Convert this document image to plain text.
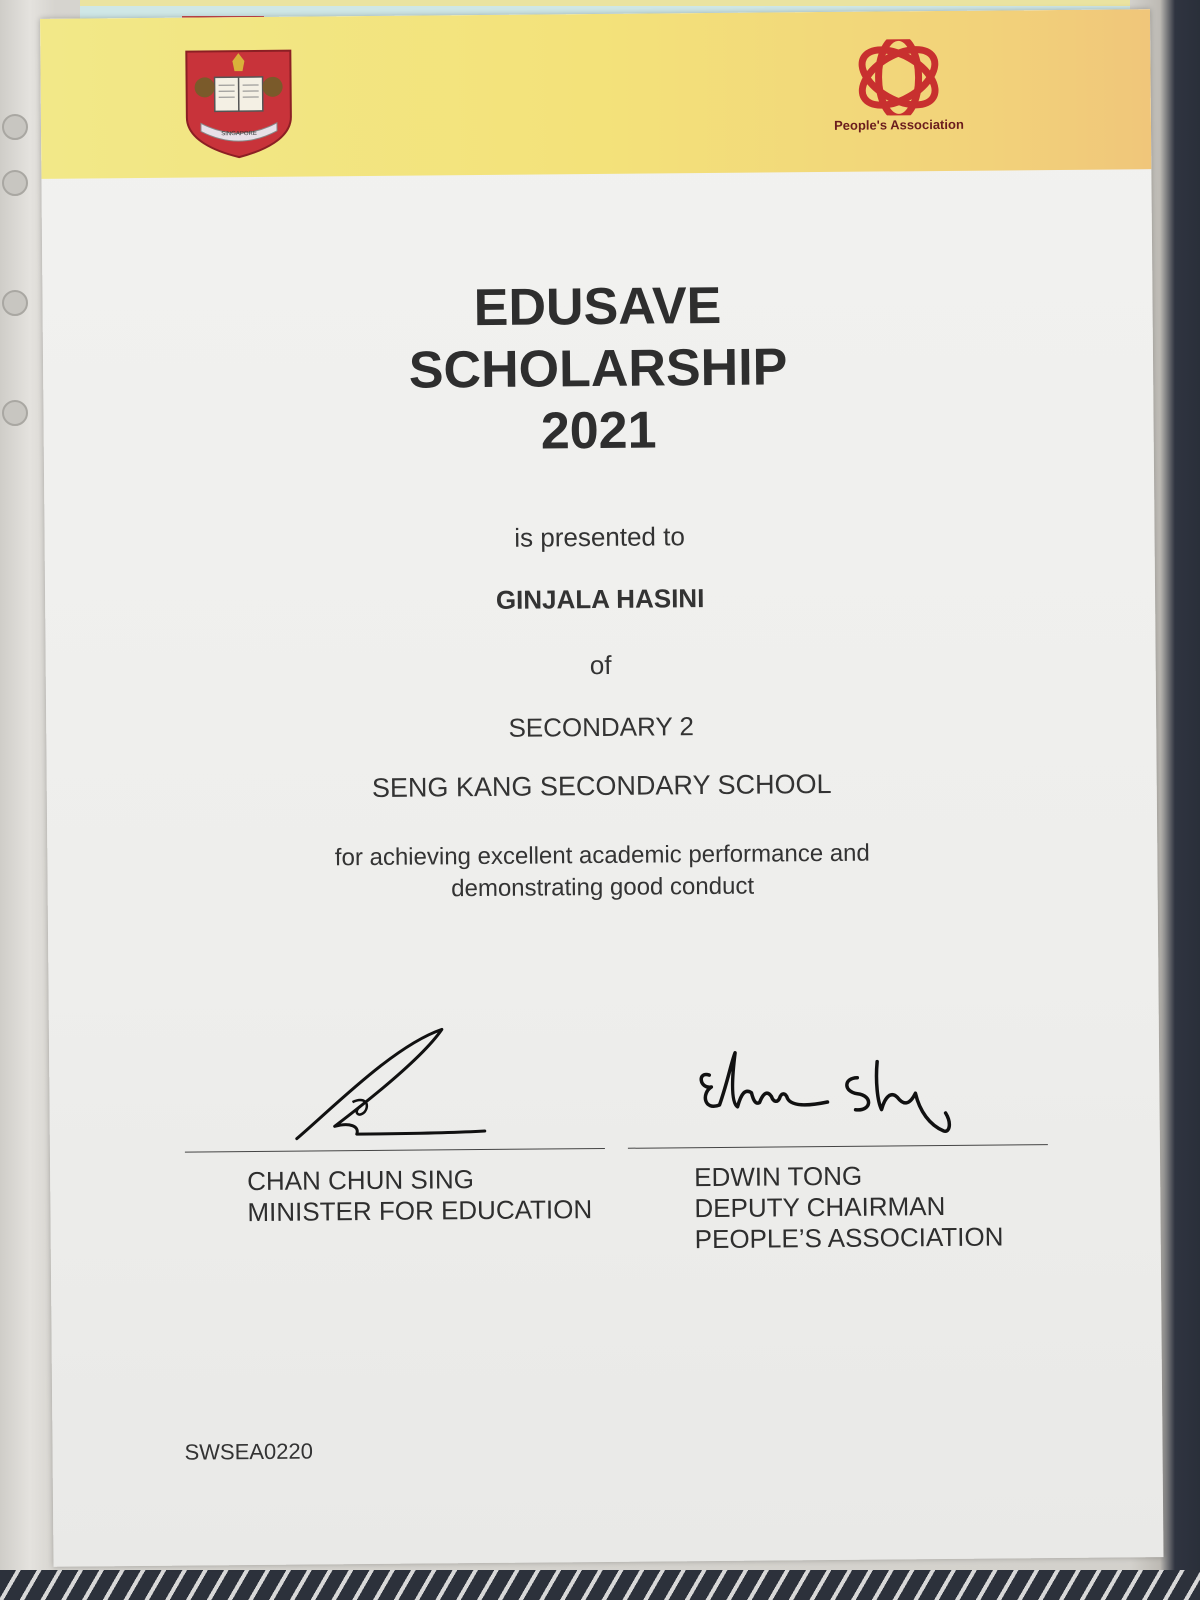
SINGAPORE
People's Association
EDUSAVE
SCHOLARSHIP
2021
is presented to
GINJALA HASINI
of
SECONDARY 2
SENG KANG SECONDARY SCHOOL
for achieving excellent academic performance and
demonstrating good conduct
CHAN CHUN SING
MINISTER FOR EDUCATION
EDWIN TONG
DEPUTY CHAIRMAN
PEOPLE’S ASSOCIATION
SWSEA0220
